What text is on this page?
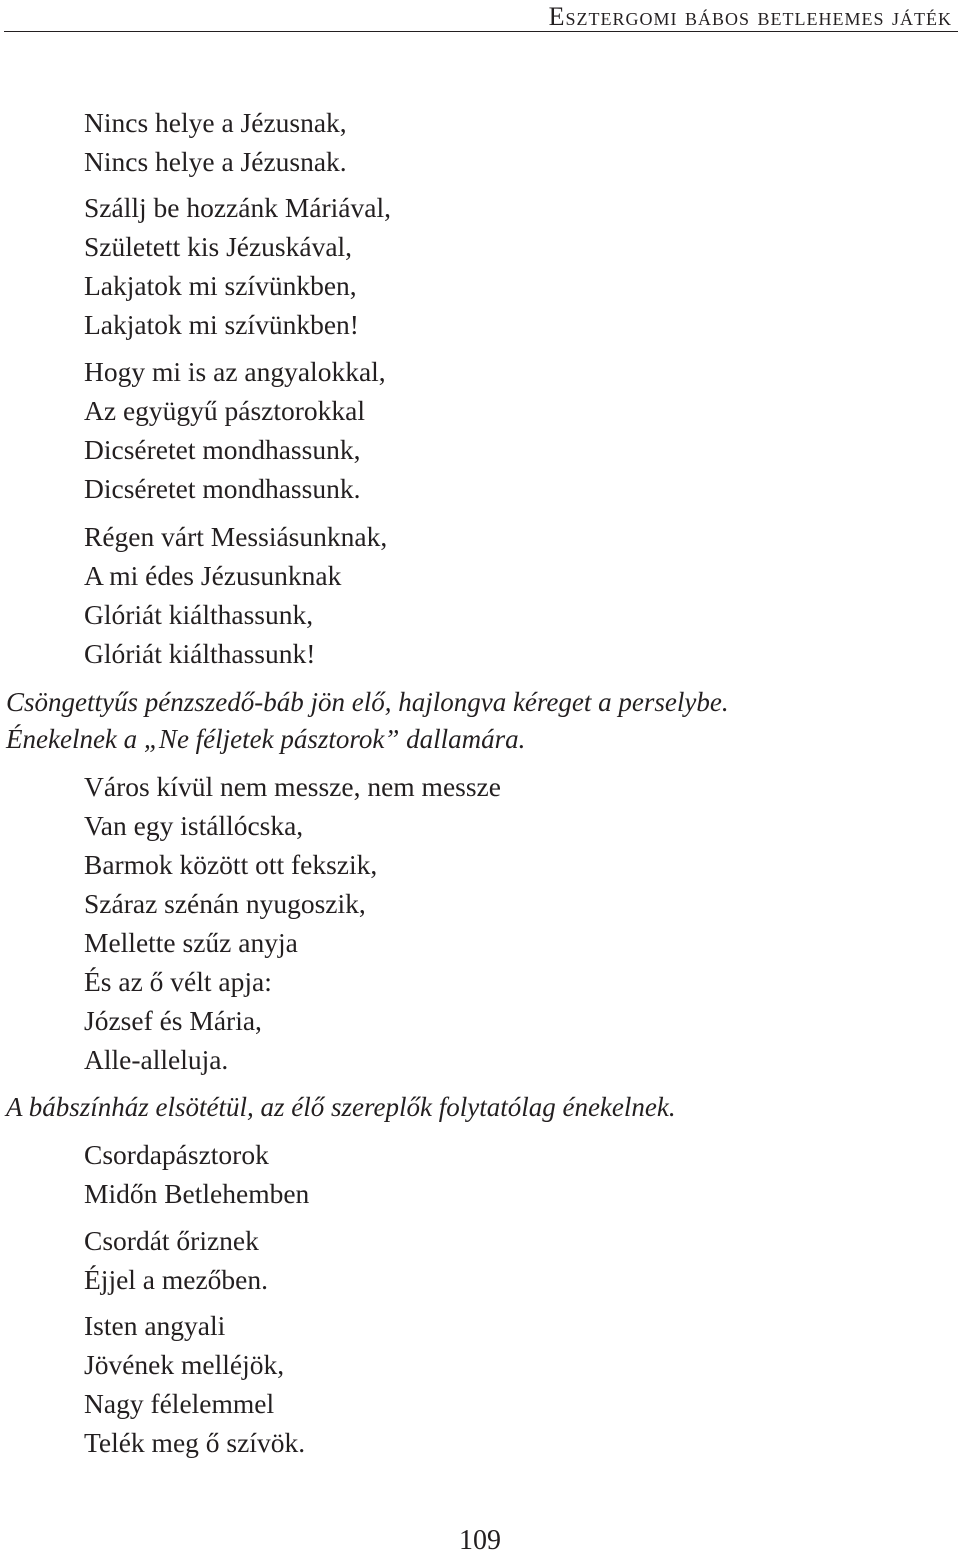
Esztergomi bábos betlehemes játék
Nincs helye a Jézusnak,
Nincs helye a Jézusnak.
Szállj be hozzánk Máriával,
Született kis Jézuskával,
Lakjatok mi szívünkben,
Lakjatok mi szívünkben!
Hogy mi is az angyalokkal,
Az együgyű pásztorokkal
Dicséretet mondhassunk,
Dicséretet mondhassunk.
Régen várt Messiásunknak,
A mi édes Jézusunknak
Glóriát kiálthassunk,
Glóriát kiálthassunk!
Csöngettyűs pénzszedő-báb jön elő, hajlongva kéreget a perselybe.
Énekelnek a „Ne féljetek pásztorok” dallamára.
Város kívül nem messze, nem messze
Van egy istállócska,
Barmok között ott fekszik,
Száraz szénán nyugoszik,
Mellette szűz anyja
És az ő vélt apja:
József és Mária,
Alle-alleluja.
A bábszínház elsötétül, az élő szereplők folytatólag énekelnek.
Csordapásztorok
Midőn Betlehemben
Csordát őriznek
Éjjel a mezőben.
Isten angyali
Jövének melléjök,
Nagy félelemmel
Telék meg ő szívök.
109
